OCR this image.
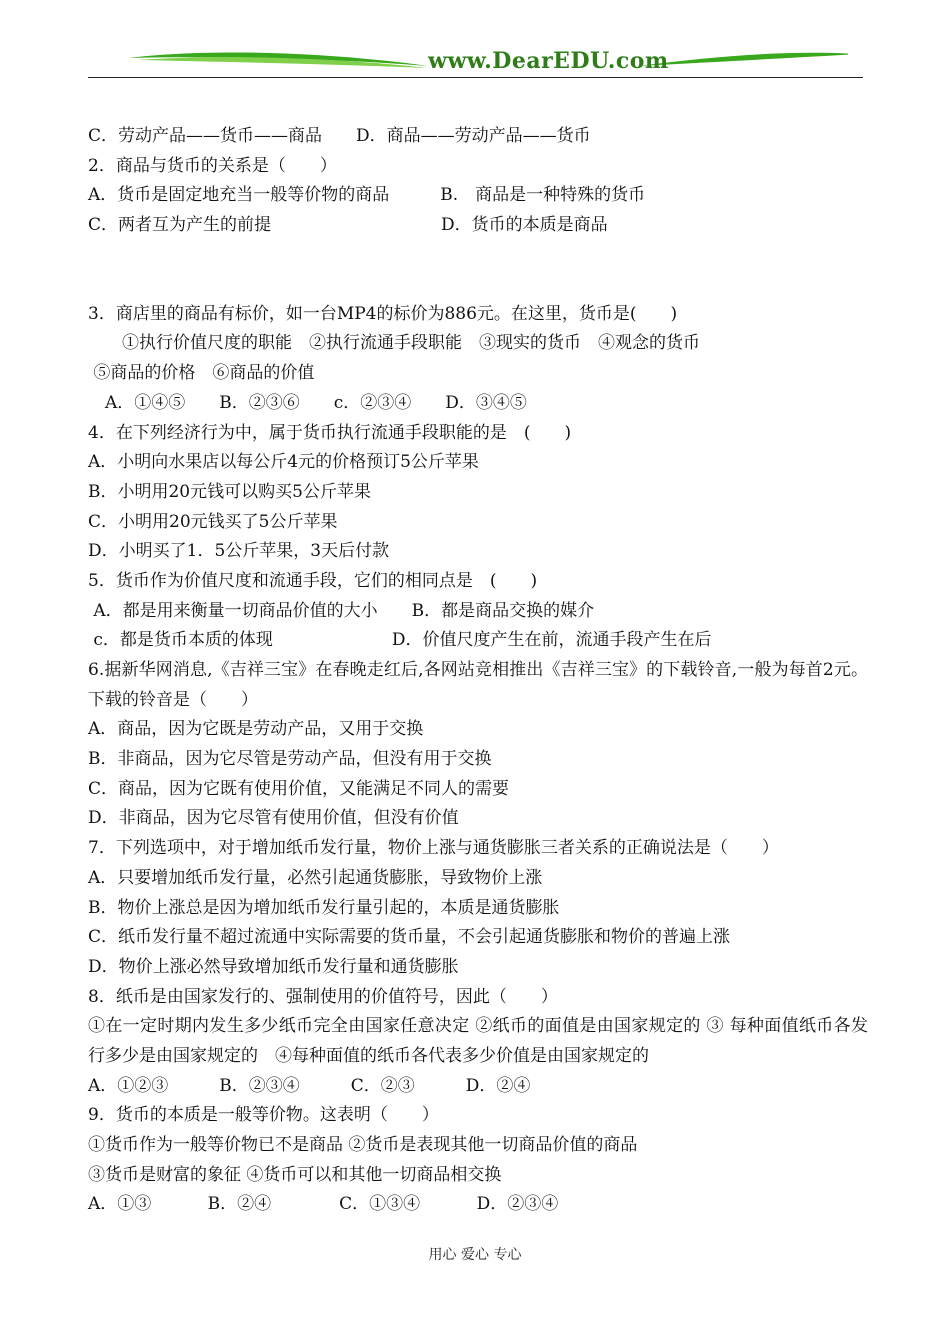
www.DearEDU.com
C．劳动产品——货币——商品　　D．商品——劳动产品——货币
2．商品与货币的关系是（　　）
A．货币是固定地充当一般等价物的商品　　　B.　商品是一种特殊的货币
C．两者互为产生的前提　　　　　　　　　　D．货币的本质是商品
3．商店里的商品有标价，如一台MP4的标价为886元。在这里，货币是(　　)
　　①执行价值尺度的职能　②执行流通手段职能　③现实的货币　④观念的货币
⑤商品的价格　⑥商品的价值
　A．①④⑤　　B．②③⑥　　c．②③④　　D．③④⑤
4．在下列经济行为中，属于货币执行流通手段职能的是　(　　)
A．小明向水果店以每公斤4元的价格预订5公斤苹果
B．小明用20元钱可以购买5公斤苹果
C．小明用20元钱买了5公斤苹果
D．小明买了1．5公斤苹果，3天后付款
5．货币作为价值尺度和流通手段，它们的相同点是　(　　)
A．都是用来衡量一切商品价值的大小　　B．都是商品交换的媒介
c．都是货币本质的体现　　　　　　　D．价值尺度产生在前，流通手段产生在后
6.据新华网消息,《吉祥三宝》在春晚走红后,各网站竞相推出《吉祥三宝》的下载铃音,一般为每首2元。下载的铃音是（　　）
A．商品，因为它既是劳动产品，又用于交换
B．非商品，因为它尽管是劳动产品，但没有用于交换
C．商品，因为它既有使用价值，又能满足不同人的需要
D．非商品，因为它尽管有使用价值，但没有价值
7．下列选项中，对于增加纸币发行量，物价上涨与通货膨胀三者关系的正确说法是（　　）
A．只要增加纸币发行量，必然引起通货膨胀，导致物价上涨
B．物价上涨总是因为增加纸币发行量引起的，本质是通货膨胀
C．纸币发行量不超过流通中实际需要的货币量，不会引起通货膨胀和物价的普遍上涨
D．物价上涨必然导致增加纸币发行量和通货膨胀
8．纸币是由国家发行的、强制使用的价值符号，因此（　　）
①在一定时期内发生多少纸币完全由国家任意决定 ②纸币的面值是由国家规定的 ③ 每种面值纸币各发行多少是由国家规定的　④每种面值的纸币各代表多少价值是由国家规定的
A．①②③　　　B．②③④　　　C．②③　　　D．②④
9．货币的本质是一般等价物。这表明（　　）
①货币作为一般等价物已不是商品 ②货币是表现其他一切商品价值的商品
③货币是财富的象征 ④货币可以和其他一切商品相交换
A．①③　　　 B．②④　　　　C．①③④　　　 D．②③④
用心 爱心 专心
